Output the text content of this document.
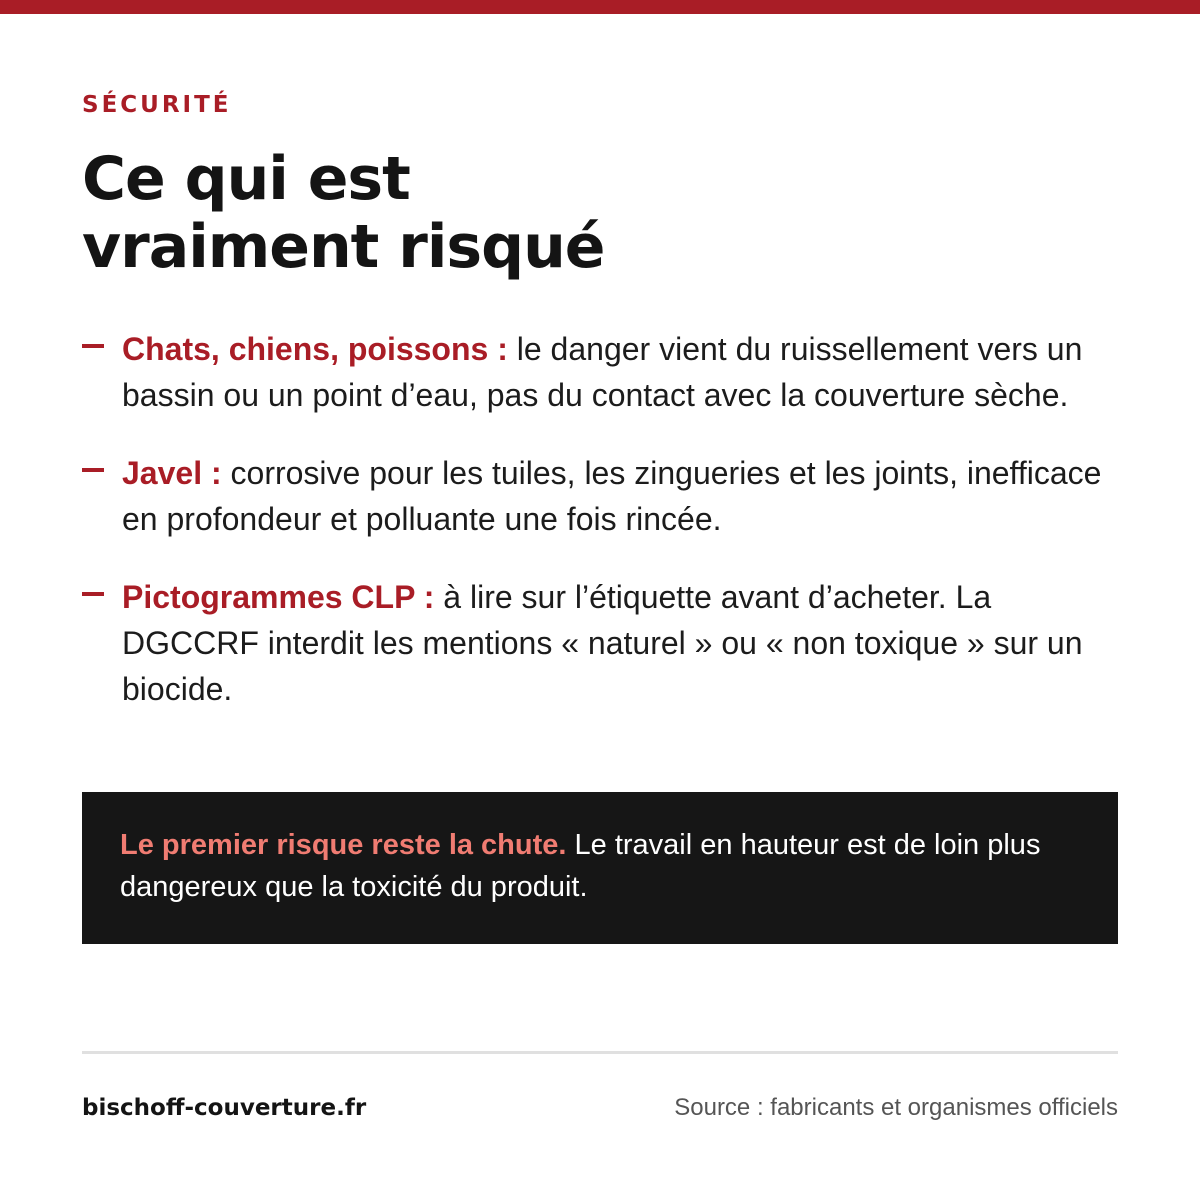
SÉCURITÉ
Ce qui est
vraiment risqué
Chats, chiens, poissons : le danger vient du ruissellement vers un bassin ou un point d’eau, pas du contact avec la couverture sèche.
Javel : corrosive pour les tuiles, les zingueries et les joints, inefficace en profondeur et polluante une fois rincée.
Pictogrammes CLP : à lire sur l’étiquette avant d’acheter. La DGCCRF interdit les mentions « naturel » ou « non toxique » sur un biocide.
Le premier risque reste la chute. Le travail en hauteur est de loin plus dangereux que la toxicité du produit.
bischoff-couverture.fr	Source : fabricants et organismes officiels
